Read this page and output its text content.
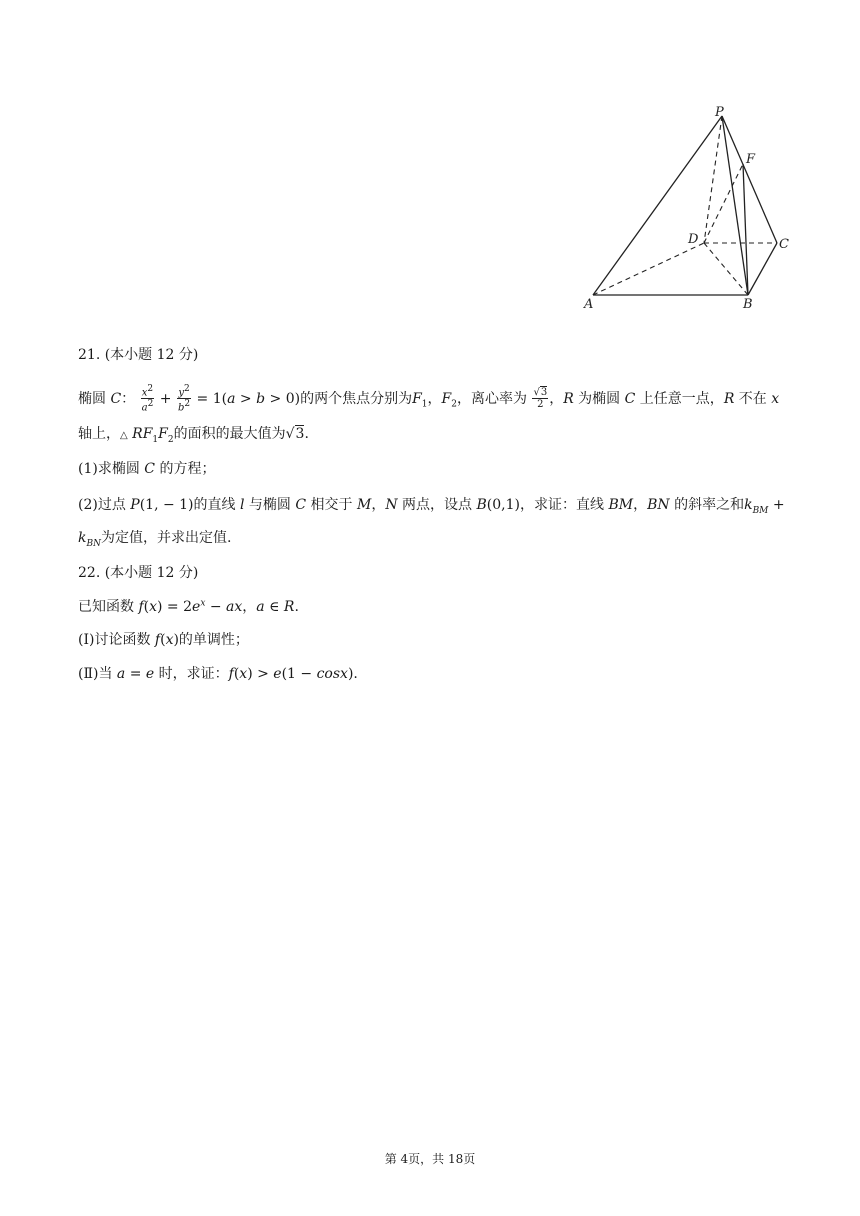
P
F
D	C
A	B
21. (本小题 12 分)
椭圆 C： $\frac{x^2}{a^2} + \frac{y^2}{b^2} = 1(a > b > 0)$的两个焦点分别为$F_1$，$F_2$，离心率为 $\frac{√3}{2}$ ，R 为椭圆 C 上任意一点，R 不在 x
轴上，△ $RF_1F_2$的面积的最大值为√3.
(1)求椭圆 C 的方程；
(2)过点 P(1, − 1)的直线 l 与椭圆 C 相交于 M，N 两点，设点 B(0,1)，求证：直线 BM，BN 的斜率之和$k_{BM}$ +
$k_{BN}$为定值，并求出定值.
22. (本小题 12 分)
已知函数 $f(x) = 2e^x$ − ax，a ∈ R.
(Ⅰ)讨论函数 f(x)的单调性；
(Ⅱ)当 a = e 时，求证：f(x) > e(1 − cosx).
第 4页，共 18页
